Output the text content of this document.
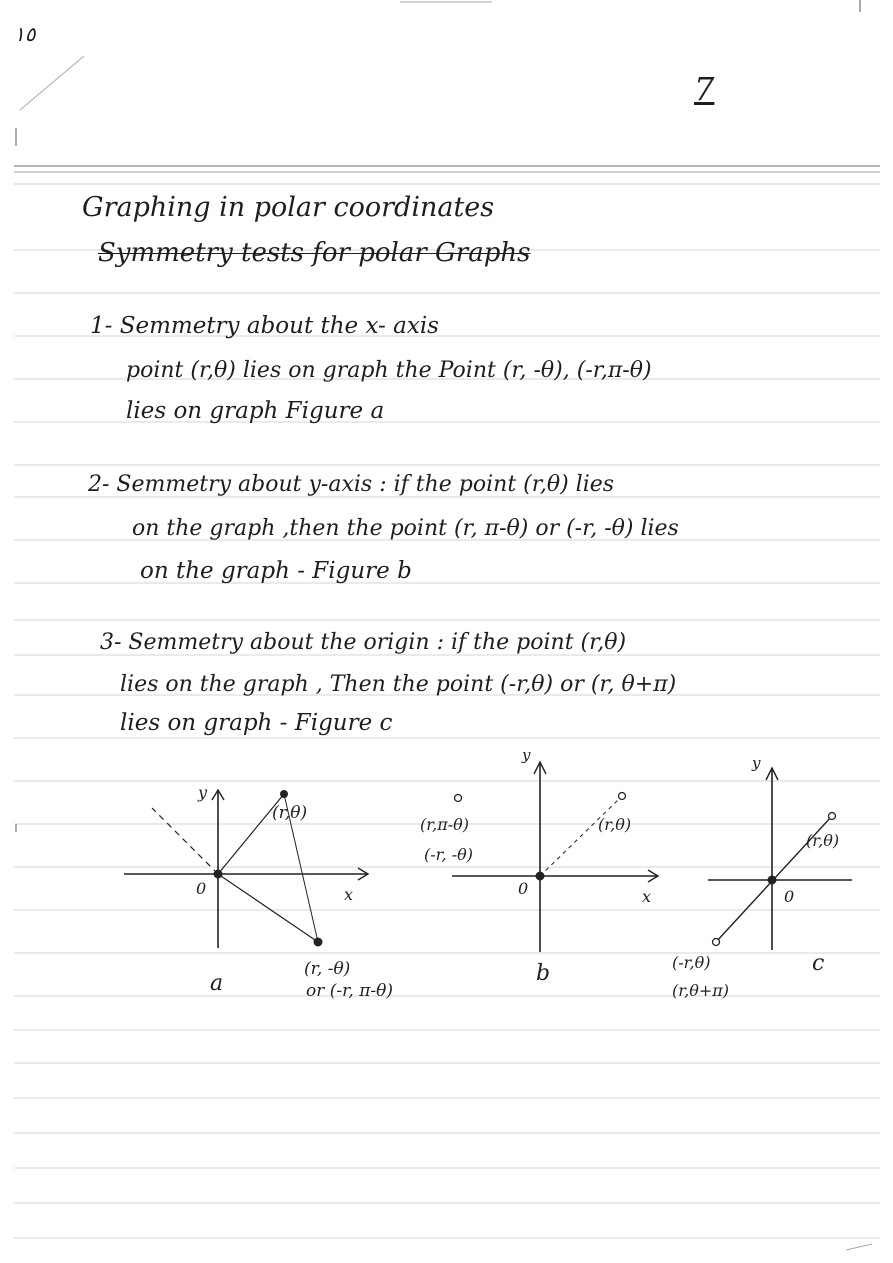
١٥
7
Graphing in polar coordinates
Symmetry tests for polar Graphs
1- Semmetry about the x- axis
point (r,θ) lies on graph the Point (r, -θ), (-r,π-θ)
lies on graph Figure a
2- Semmetry about y-axis : if the point (r,θ) lies
on the graph ,then the point (r, π-θ) or (-r, -θ) lies
on the graph - Figure b
3- Semmetry about the origin : if the point (r,θ)
lies on the graph , Then the point (-r,θ) or (r, θ+π)
lies on graph - Figure c
y
x
0
(r,θ)
(r, -θ)
or (-r, π-θ)
a
y
x
0
(r,θ)
(r,π-θ)
(-r, -θ)
b
y
0
(r,θ)
(-r,θ)
(r,θ+π)
c
